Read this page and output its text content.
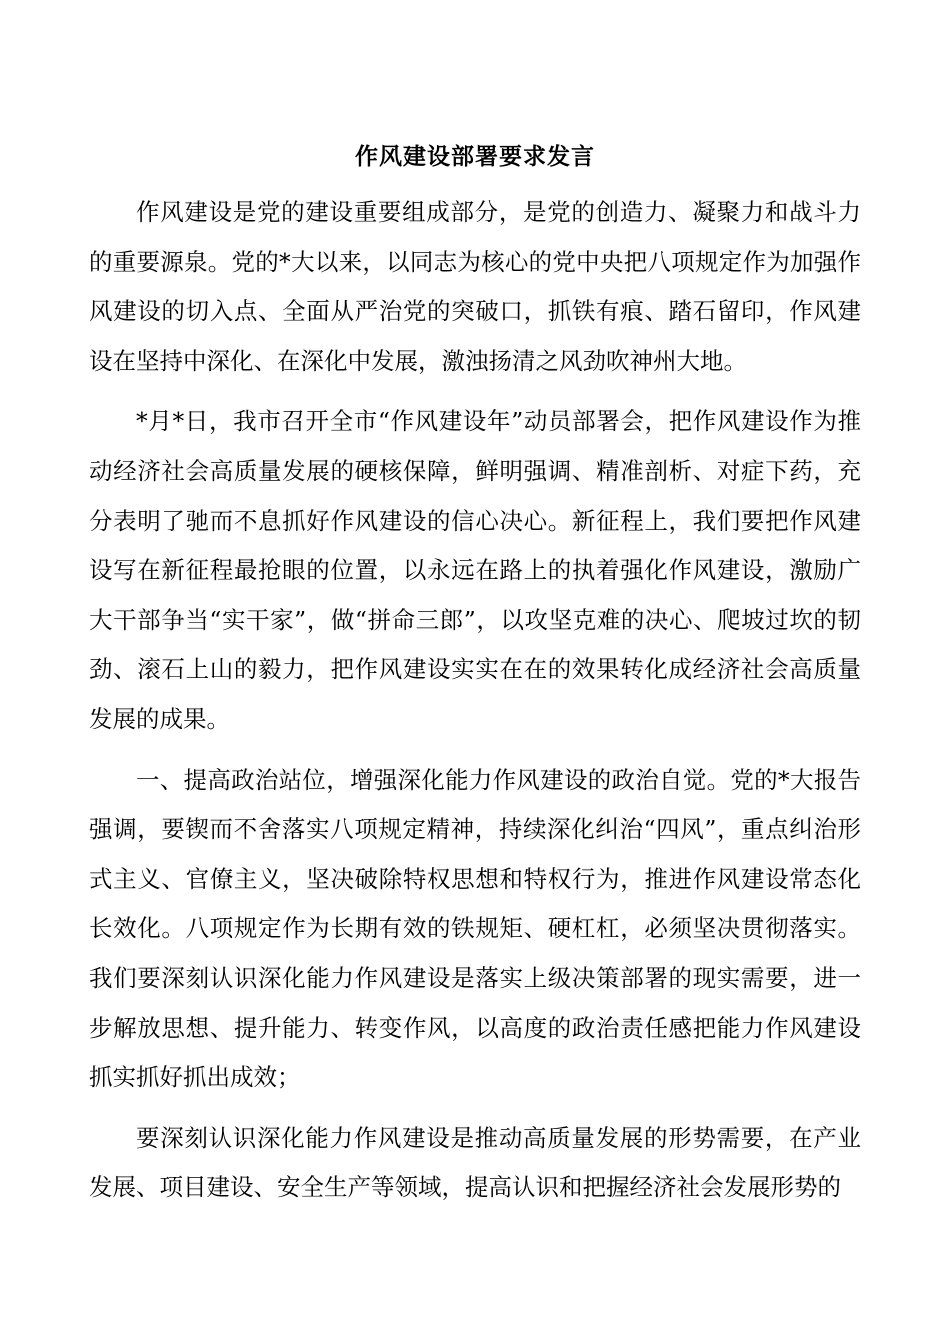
作风建设部署要求发言

作风建设是党的建设重要组成部分，是党的创造力、凝聚力和战斗力的重要源泉。党的*大以来，以同志为核心的党中央把八项规定作为加强作风建设的切入点、全面从严治党的突破口，抓铁有痕、踏石留印，作风建设在坚持中深化、在深化中发展，激浊扬清之风劲吹神州大地。

*月*日，我市召开全市“作风建设年”动员部署会，把作风建设作为推动经济社会高质量发展的硬核保障，鲜明强调、精准剖析、对症下药，充分表明了驰而不息抓好作风建设的信心决心。新征程上，我们要把作风建设写在新征程最抢眼的位置，以永远在路上的执着强化作风建设，激励广大干部争当“实干家”，做“拼命三郎”，以攻坚克难的决心、爬坡过坎的韧劲、滚石上山的毅力，把作风建设实实在在的效果转化成经济社会高质量发展的成果。

一、提高政治站位，增强深化能力作风建设的政治自觉。党的*大报告强调，要锲而不舍落实八项规定精神，持续深化纠治“四风”，重点纠治形式主义、官僚主义，坚决破除特权思想和特权行为，推进作风建设常态化长效化。八项规定作为长期有效的铁规矩、硬杠杠，必须坚决贯彻落实。我们要深刻认识深化能力作风建设是落实上级决策部署的现实需要，进一步解放思想、提升能力、转变作风，以高度的政治责任感把能力作风建设抓实抓好抓出成效；

要深刻认识深化能力作风建设是推动高质量发展的形势需要，在产业发展、项目建设、安全生产等领域，提高认识和把握经济社会发展形势的
